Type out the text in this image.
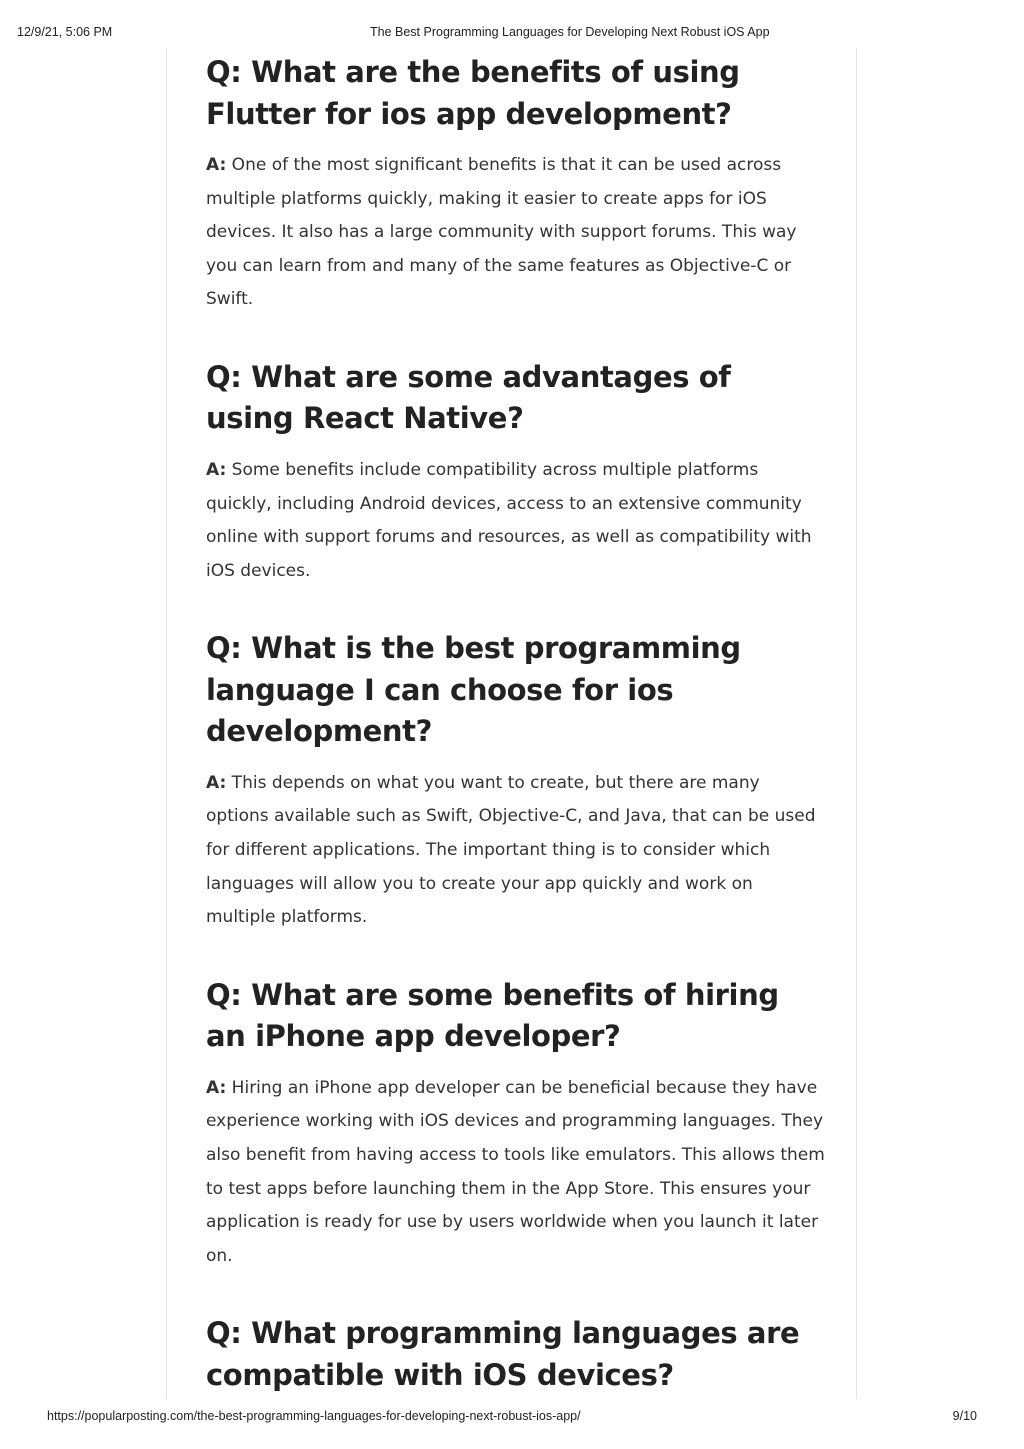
12/9/21, 5:06 PM	The Best Programming Languages for Developing Next Robust iOS App
Q: What are the benefits of using Flutter for ios app development?

A: One of the most significant benefits is that it can be used across multiple platforms quickly, making it easier to create apps for iOS devices. It also has a large community with support forums. This way you can learn from and many of the same features as Objective-C or Swift.

Q: What are some advantages of using React Native?

A: Some benefits include compatibility across multiple platforms quickly, including Android devices, access to an extensive community online with support forums and resources, as well as compatibility with iOS devices.

Q: What is the best programming language I can choose for ios development?

A: This depends on what you want to create, but there are many options available such as Swift, Objective-C, and Java, that can be used for different applications. The important thing is to consider which languages will allow you to create your app quickly and work on multiple platforms.

Q: What are some benefits of hiring an iPhone app developer?

A: Hiring an iPhone app developer can be beneficial because they have experience working with iOS devices and programming languages. They also benefit from having access to tools like emulators. This allows them to test apps before launching them in the App Store. This ensures your application is ready for use by users worldwide when you launch it later on.

Q: What programming languages are compatible with iOS devices?
https://popularposting.com/the-best-programming-languages-for-developing-next-robust-ios-app/	9/10
